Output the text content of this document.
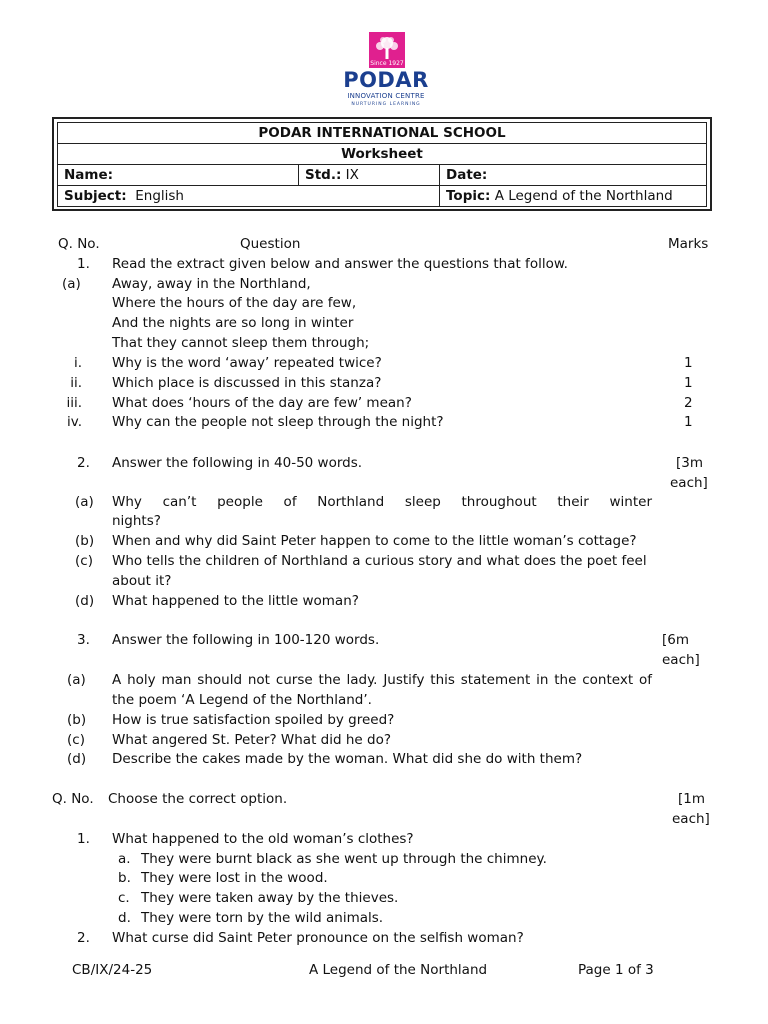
Since 1927
PODAR
INNOVATION CENTRE
NURTURING LEARNING
PODAR INTERNATIONAL SCHOOL		
Worksheet		
Name:	Std.: IX	Date:
Subject: English		Topic: A Legend of the Northland
Q. No.	Question	Marks
1. Read the extract given below and answer the questions that follow.
(a) Away, away in the Northland,
Where the hours of the day are few,
And the nights are so long in winter
That they cannot sleep them through;
i. Why is the word ‘away’ repeated twice?	1
ii. Which place is discussed in this stanza?	1
iii. What does ‘hours of the day are few’ mean?	2
iv. Why can the people not sleep through the night?	1
2. Answer the following in 40-50 words.	[3m
each]
(a) Why can’t people of Northland sleep throughout their winter
nights?
(b) When and why did Saint Peter happen to come to the little woman’s cottage?
(c) Who tells the children of Northland a curious story and what does the poet feel
about it?
(d) What happened to the little woman?
3. Answer the following in 100-120 words.	[6m
each]
(a) A holy man should not curse the lady. Justify this statement in the context of
the poem ‘A Legend of the Northland’.
(b) How is true satisfaction spoiled by greed?
(c) What angered St. Peter? What did he do?
(d) Describe the cakes made by the woman. What did she do with them?
Q. No. Choose the correct option.	[1m
each]
1. What happened to the old woman’s clothes?
a. They were burnt black as she went up through the chimney.
b. They were lost in the wood.
c. They were taken away by the thieves.
d. They were torn by the wild animals.
2. What curse did Saint Peter pronounce on the selfish woman?
CB/IX/24-25	A Legend of the Northland	Page 1 of 3
